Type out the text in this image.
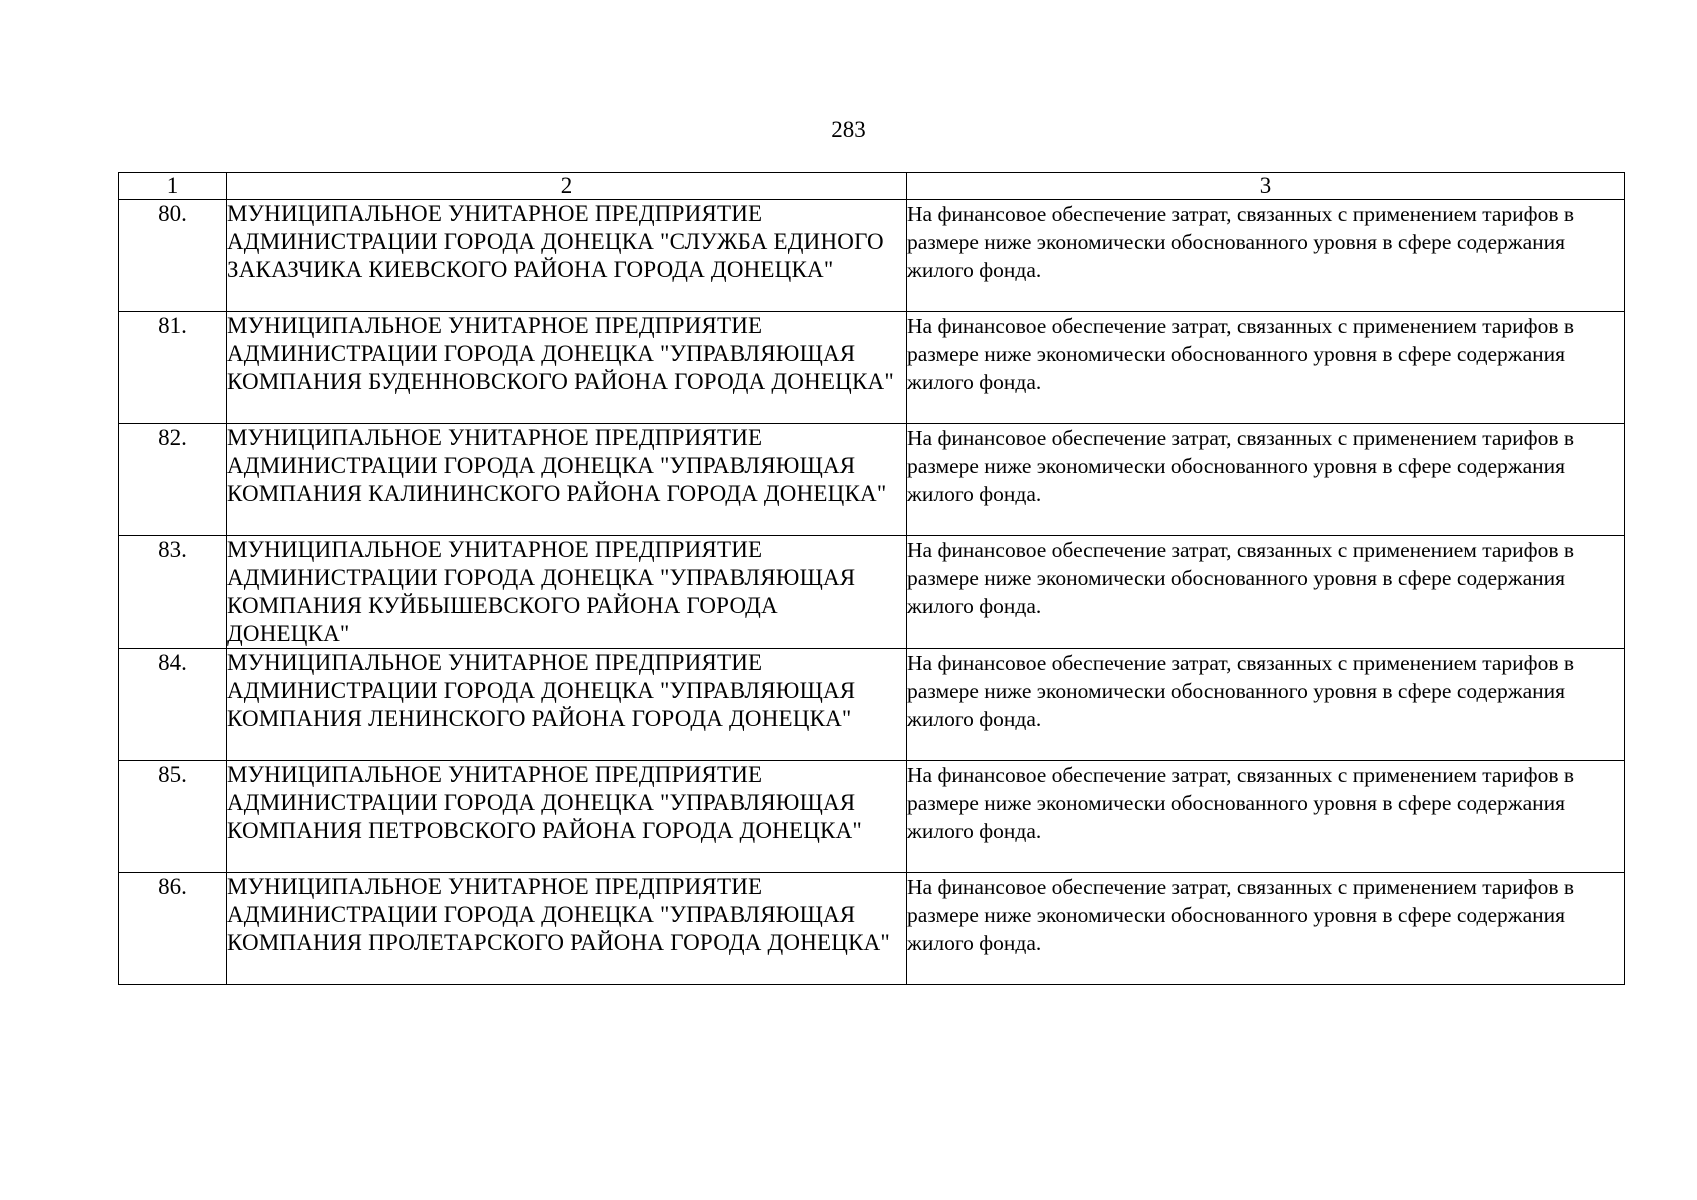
283
1	2	3
80.	МУНИЦИПАЛЬНОЕ УНИТАРНОЕ ПРЕДПРИЯТИЕ АДМИНИСТРАЦИИ ГОРОДА ДОНЕЦКА "СЛУЖБА ЕДИНОГО ЗАКАЗЧИКА КИЕВСКОГО РАЙОНА ГОРОДА ДОНЕЦКА"	На финансовое обеспечение затрат, связанных с применением тарифов в размере ниже экономически обоснованного уровня в сфере содержания жилого фонда.
81.	МУНИЦИПАЛЬНОЕ УНИТАРНОЕ ПРЕДПРИЯТИЕ АДМИНИСТРАЦИИ ГОРОДА ДОНЕЦКА "УПРАВЛЯЮЩАЯ КОМПАНИЯ БУДЕННОВСКОГО РАЙОНА ГОРОДА ДОНЕЦКА"	На финансовое обеспечение затрат, связанных с применением тарифов в размере ниже экономически обоснованного уровня в сфере содержания жилого фонда.
82.	МУНИЦИПАЛЬНОЕ УНИТАРНОЕ ПРЕДПРИЯТИЕ АДМИНИСТРАЦИИ ГОРОДА ДОНЕЦКА "УПРАВЛЯЮЩАЯ КОМПАНИЯ КАЛИНИНСКОГО РАЙОНА ГОРОДА ДОНЕЦКА"	На финансовое обеспечение затрат, связанных с применением тарифов в размере ниже экономически обоснованного уровня в сфере содержания жилого фонда.
83.	МУНИЦИПАЛЬНОЕ УНИТАРНОЕ ПРЕДПРИЯТИЕ АДМИНИСТРАЦИИ ГОРОДА ДОНЕЦКА "УПРАВЛЯЮЩАЯ КОМПАНИЯ КУЙБЫШЕВСКОГО РАЙОНА ГОРОДА ДОНЕЦКА"	На финансовое обеспечение затрат, связанных с применением тарифов в размере ниже экономически обоснованного уровня в сфере содержания жилого фонда.
84.	МУНИЦИПАЛЬНОЕ УНИТАРНОЕ ПРЕДПРИЯТИЕ АДМИНИСТРАЦИИ ГОРОДА ДОНЕЦКА "УПРАВЛЯЮЩАЯ КОМПАНИЯ ЛЕНИНСКОГО РАЙОНА ГОРОДА ДОНЕЦКА"	На финансовое обеспечение затрат, связанных с применением тарифов в размере ниже экономически обоснованного уровня в сфере содержания жилого фонда.
85.	МУНИЦИПАЛЬНОЕ УНИТАРНОЕ ПРЕДПРИЯТИЕ АДМИНИСТРАЦИИ ГОРОДА ДОНЕЦКА "УПРАВЛЯЮЩАЯ КОМПАНИЯ ПЕТРОВСКОГО РАЙОНА ГОРОДА ДОНЕЦКА"	На финансовое обеспечение затрат, связанных с применением тарифов в размере ниже экономически обоснованного уровня в сфере содержания жилого фонда.
86.	МУНИЦИПАЛЬНОЕ УНИТАРНОЕ ПРЕДПРИЯТИЕ АДМИНИСТРАЦИИ ГОРОДА ДОНЕЦКА "УПРАВЛЯЮЩАЯ КОМПАНИЯ ПРОЛЕТАРСКОГО РАЙОНА ГОРОДА ДОНЕЦКА"	На финансовое обеспечение затрат, связанных с применением тарифов в размере ниже экономически обоснованного уровня в сфере содержания жилого фонда.
